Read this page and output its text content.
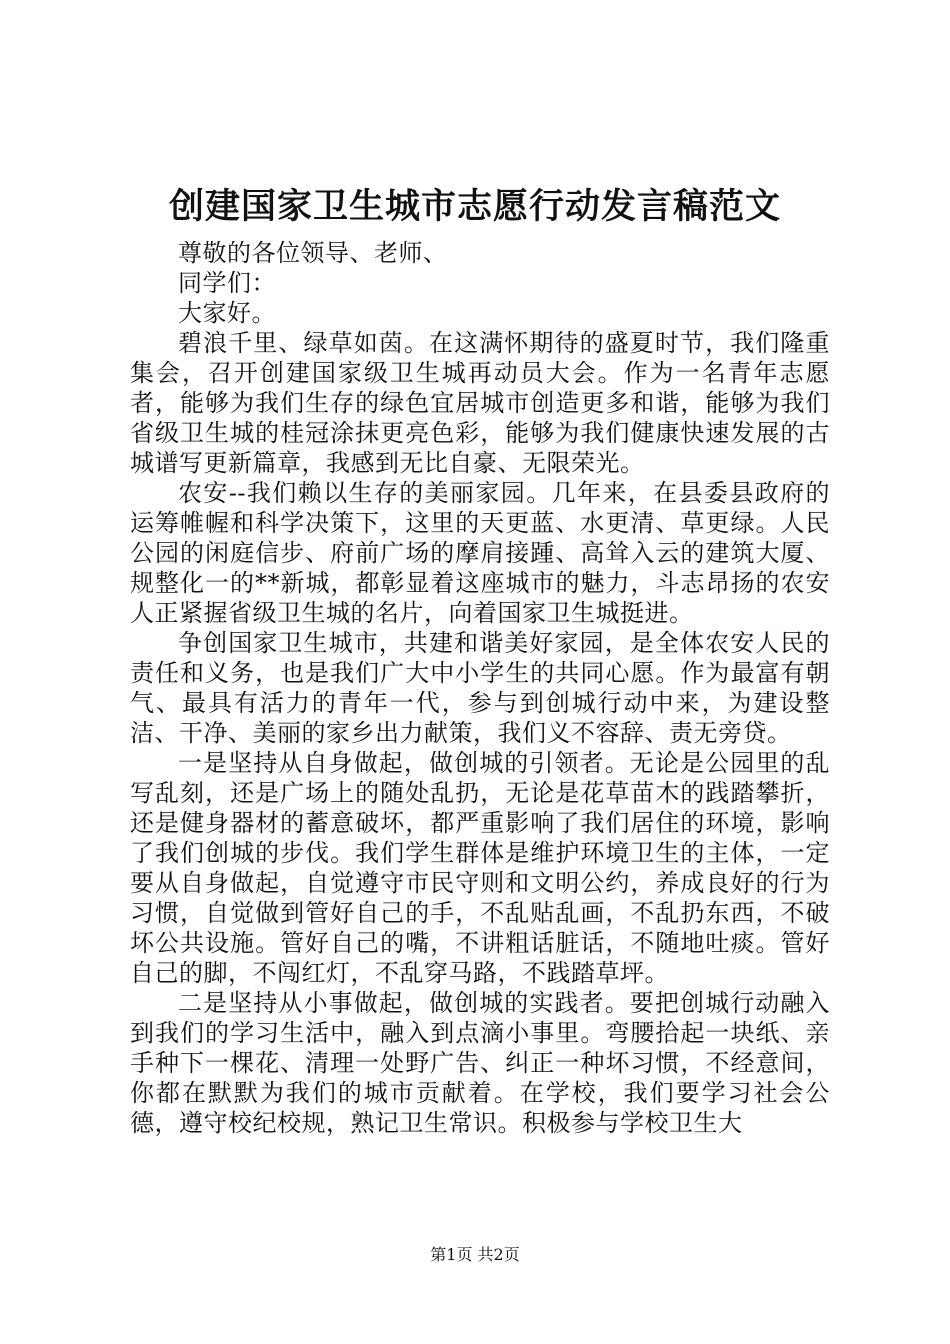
创建国家卫生城市志愿行动发言稿范文

尊敬的各位领导、老师、

同学们：

大家好。

碧浪千里、绿草如茵。在这满怀期待的盛夏时节，我们隆重集会，召开创建国家级卫生城再动员大会。作为一名青年志愿者，能够为我们生存的绿色宜居城市创造更多和谐，能够为我们省级卫生城的桂冠涂抹更亮色彩，能够为我们健康快速发展的古城谱写更新篇章，我感到无比自豪、无限荣光。

农安--我们赖以生存的美丽家园。几年来，在县委县政府的运筹帷幄和科学决策下，这里的天更蓝、水更清、草更绿。人民公园的闲庭信步、府前广场的摩肩接踵、高耸入云的建筑大厦、规整化一的**新城，都彰显着这座城市的魅力，斗志昂扬的农安人正紧握省级卫生城的名片，向着国家卫生城挺进。

争创国家卫生城市，共建和谐美好家园，是全体农安人民的责任和义务，也是我们广大中小学生的共同心愿。作为最富有朝气、最具有活力的青年一代，参与到创城行动中来，为建设整洁、干净、美丽的家乡出力献策，我们义不容辞、责无旁贷。

一是坚持从自身做起，做创城的引领者。无论是公园里的乱写乱刻，还是广场上的随处乱扔，无论是花草苗木的践踏攀折，还是健身器材的蓄意破坏，都严重影响了我们居住的环境，影响了我们创城的步伐。我们学生群体是维护环境卫生的主体，一定要从自身做起，自觉遵守市民守则和文明公约，养成良好的行为习惯，自觉做到管好自己的手，不乱贴乱画，不乱扔东西，不破坏公共设施。管好自己的嘴，不讲粗话脏话，不随地吐痰。管好自己的脚，不闯红灯，不乱穿马路，不践踏草坪。

二是坚持从小事做起，做创城的实践者。要把创城行动融入到我们的学习生活中，融入到点滴小事里。弯腰拾起一块纸、亲手种下一棵花、清理一处野广告、纠正一种坏习惯，不经意间，你都在默默为我们的城市贡献着。在学校，我们要学习社会公德，遵守校纪校规，熟记卫生常识。积极参与学校卫生大

第1页 共2页
